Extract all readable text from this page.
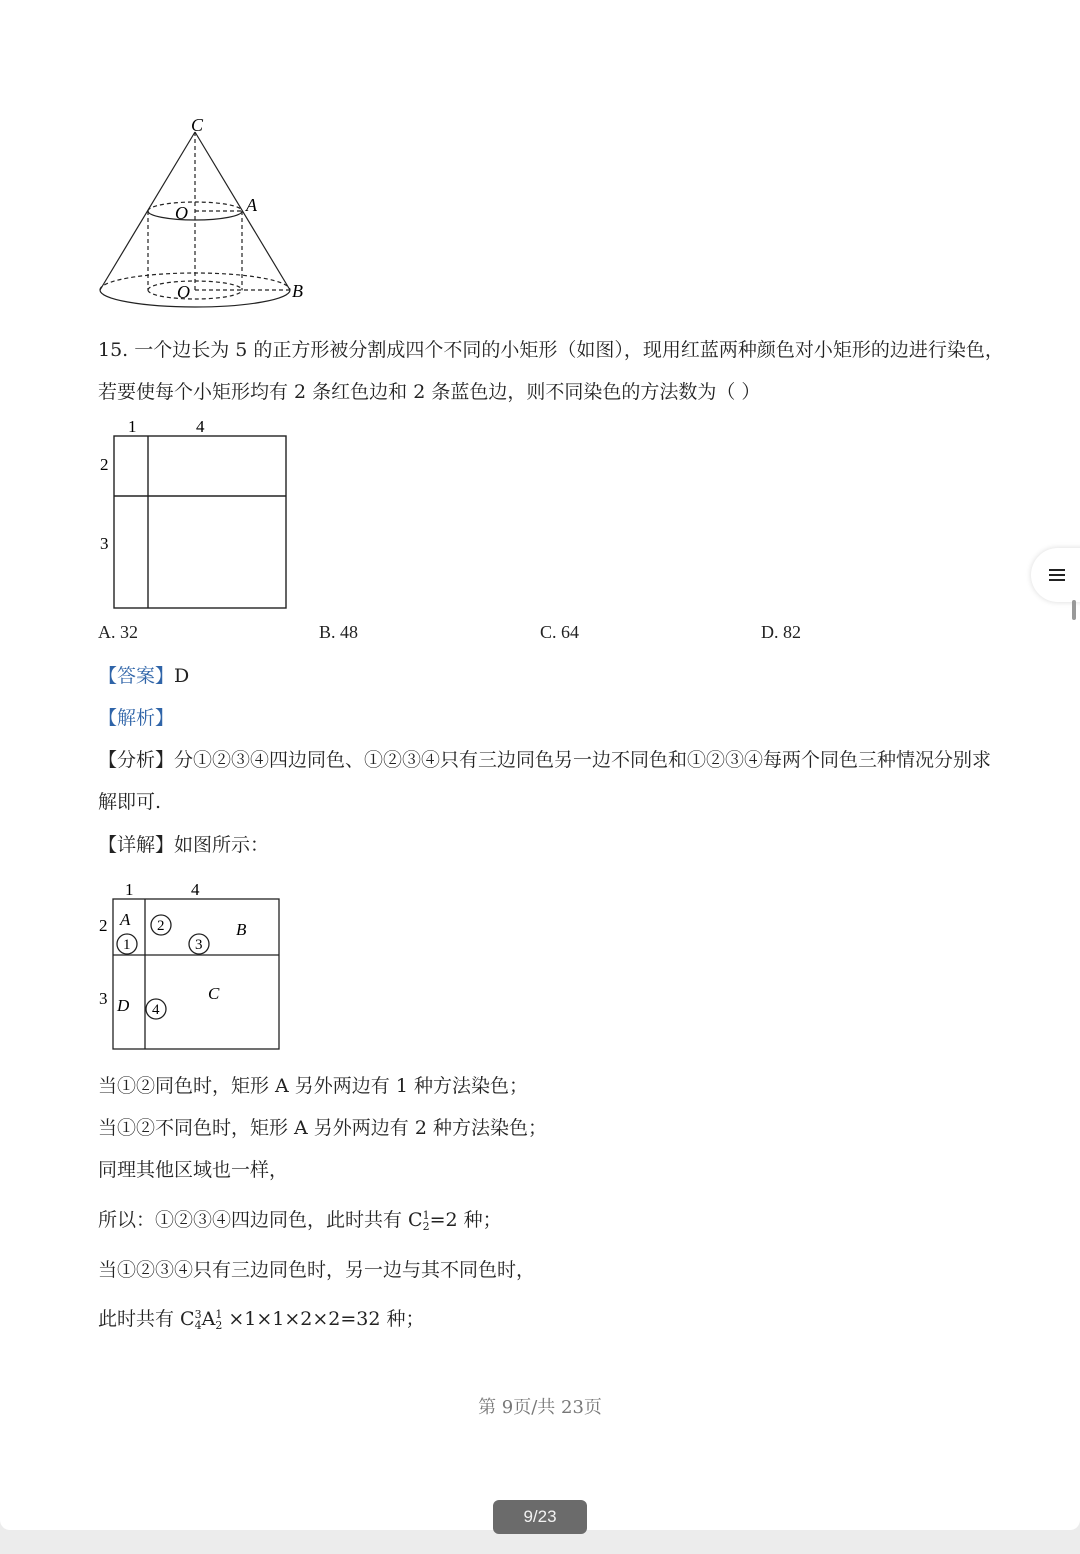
C
A
B
O
O
15. 一个边长为 5 的正方形被分割成四个不同的小矩形（如图），现用红蓝两种颜色对小矩形的边进行染色，
若要使每个小矩形均有 2 条红色边和 2 条蓝色边，则不同染色的方法数为（ ）
1	4
2
3
A. 32	B. 48	C. 64	D. 82
【答案】D
【解析】
【分析】分①②③④四边同色、①②③④只有三边同色另一边不同色和①②③④每两个同色三种情况分别求
解即可.
【详解】如图所示：
1	4
2
3
A
B
C
D
1
2
3
4
当①②同色时，矩形 A 另外两边有 1 种方法染色；
当①②不同色时，矩形 A 另外两边有 2 种方法染色；
同理其他区域也一样，
所以：①②③④四边同色，此时共有 C 1
2 =2 种；
当①②③④只有三边同色时，另一边与其不同色时，
此时共有 C 3
4 A 1
2 ×1×1×2×2=32 种；
第 9页/共 23页
9/23
